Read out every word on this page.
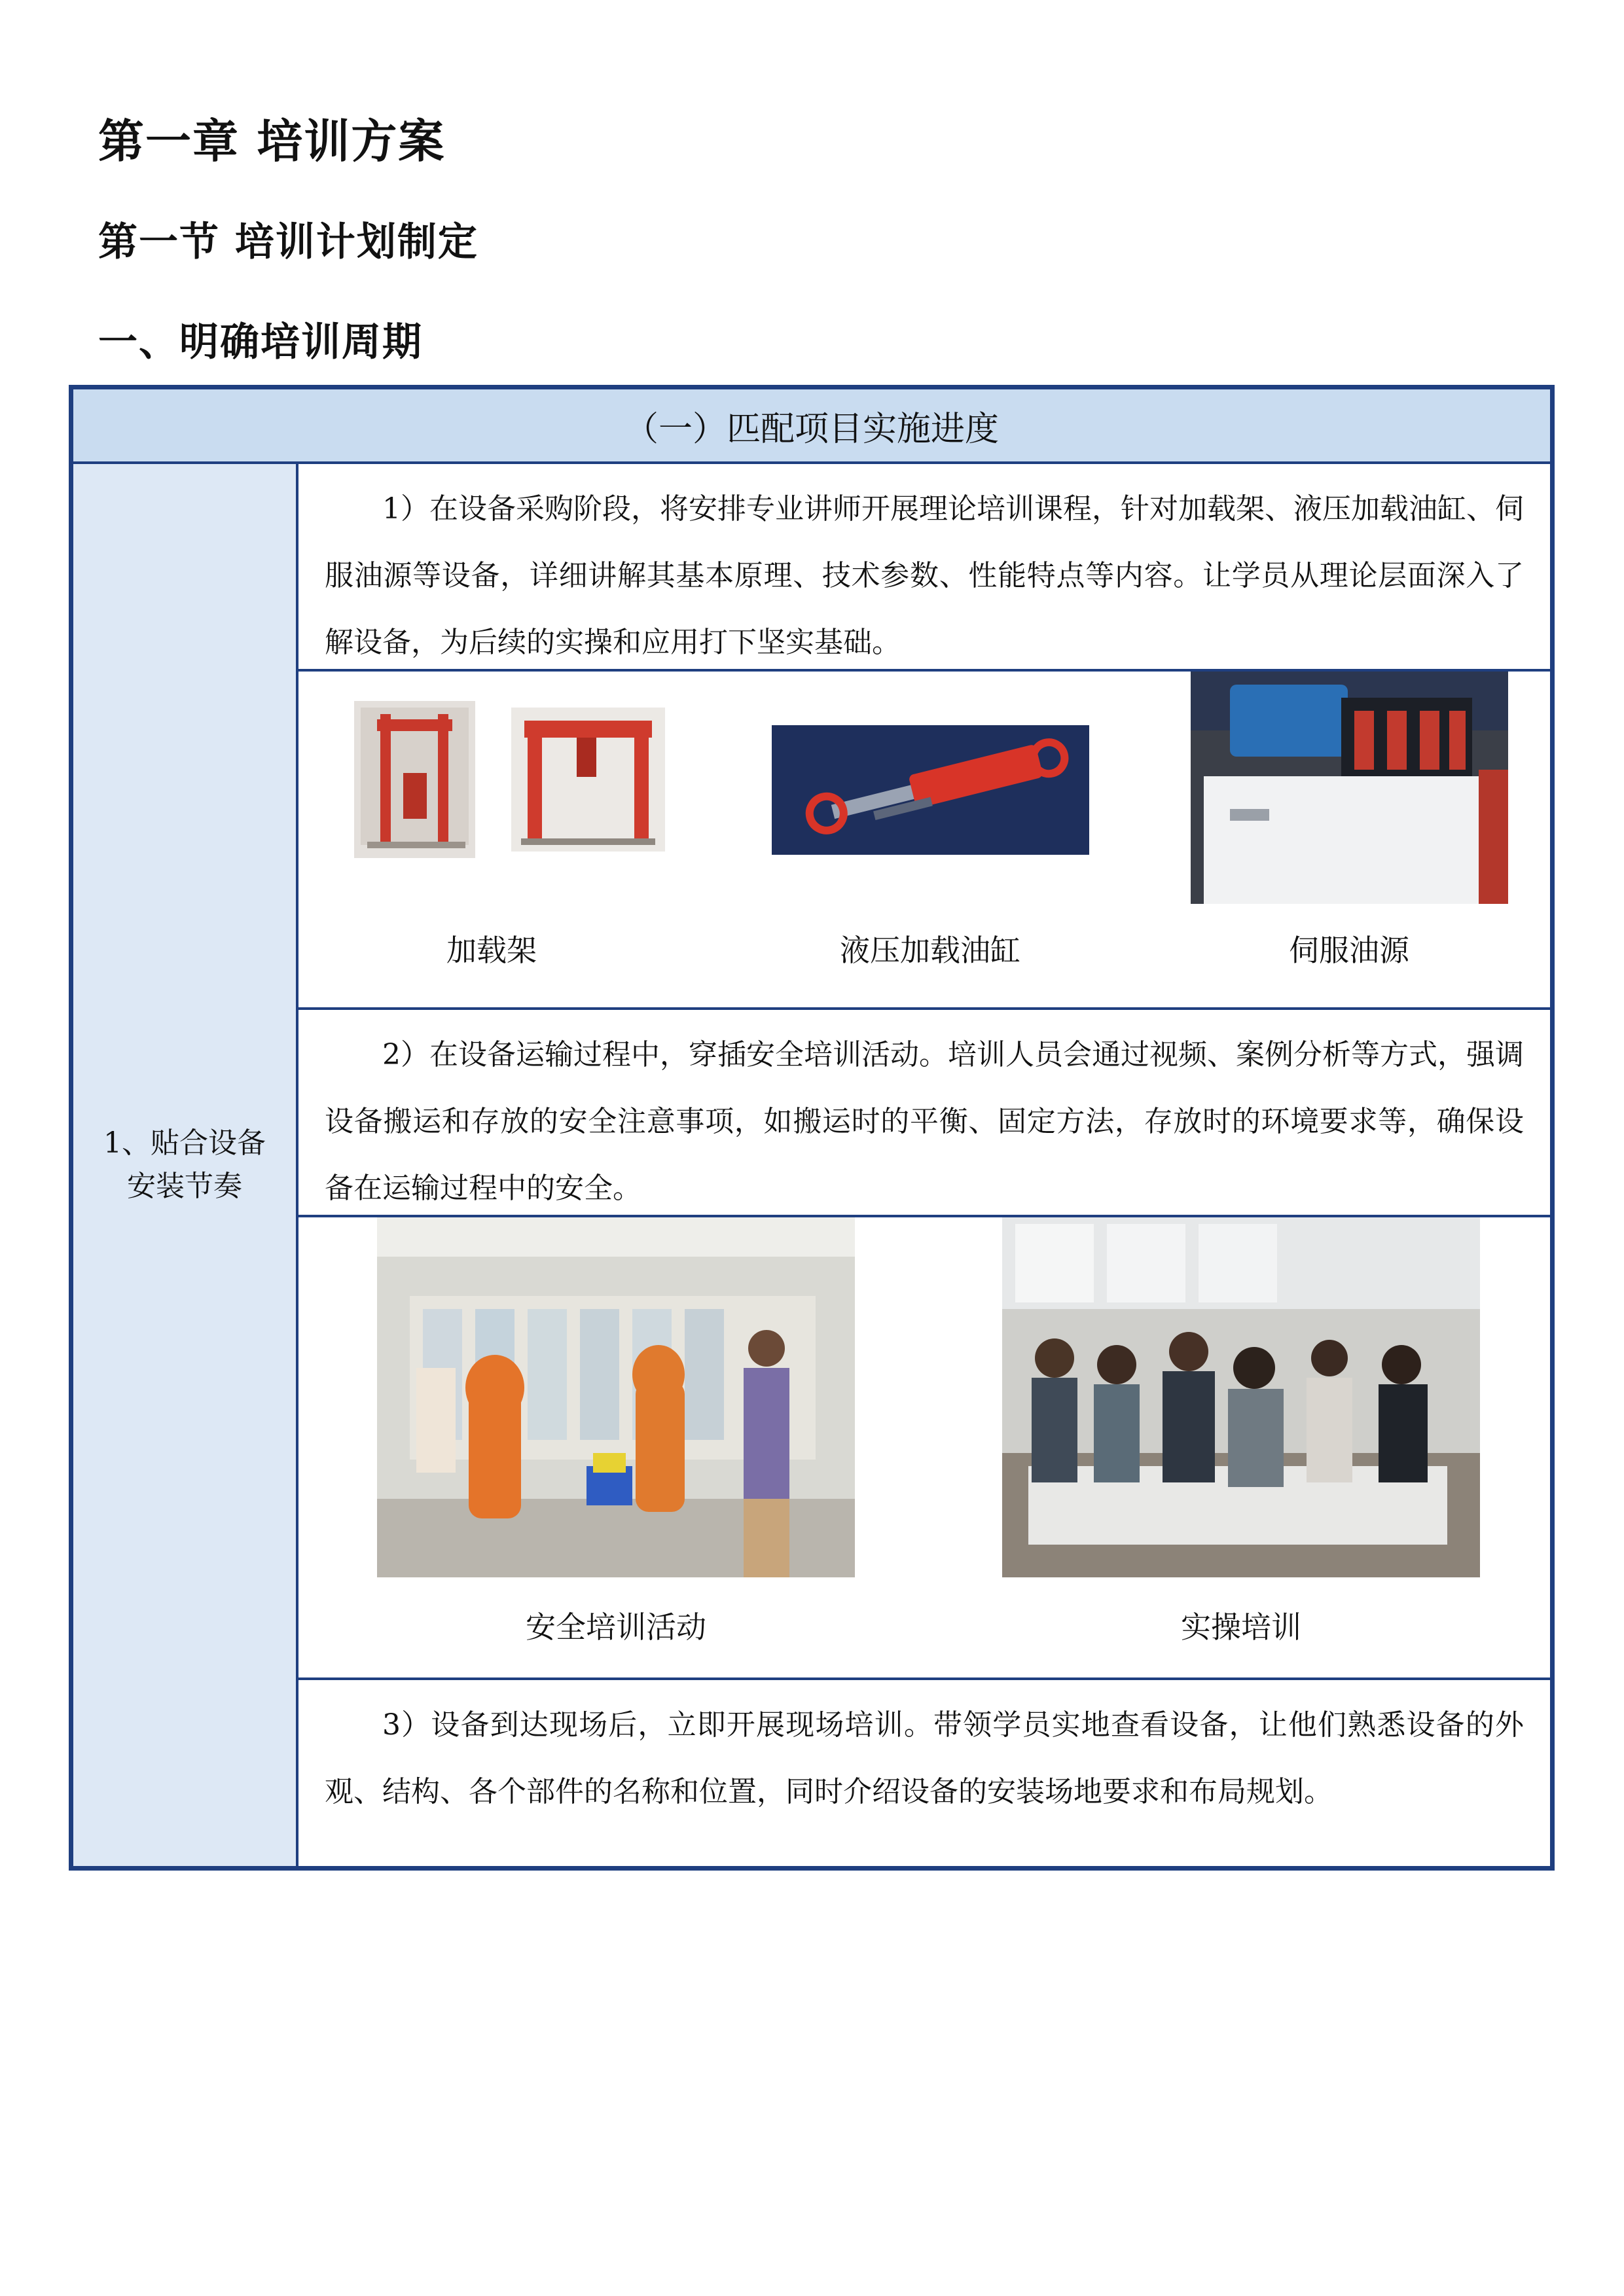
第一章 培训方案
第一节 培训计划制定
一、明确培训周期
（一）匹配项目实施进度
1、贴合设备安装节奏
1）在设备采购阶段，将安排专业讲师开展理论培训课程，针对加载架、液压加载油缸、伺服油源等设备，详细讲解其基本原理、技术参数、性能特点等内容。让学员从理论层面深入了解设备，为后续的实操和应用打下坚实基础。
加载架	液压加载油缸	伺服油源
2）在设备运输过程中，穿插安全培训活动。培训人员会通过视频、案例分析等方式，强调设备搬运和存放的安全注意事项，如搬运时的平衡、固定方法，存放时的环境要求等，确保设备在运输过程中的安全。
安全培训活动	实操培训
3）设备到达现场后，立即开展现场培训。带领学员实地查看设备，让他们熟悉设备的外观、结构、各个部件的名称和位置，同时介绍设备的安装场地要求和布局规划。
